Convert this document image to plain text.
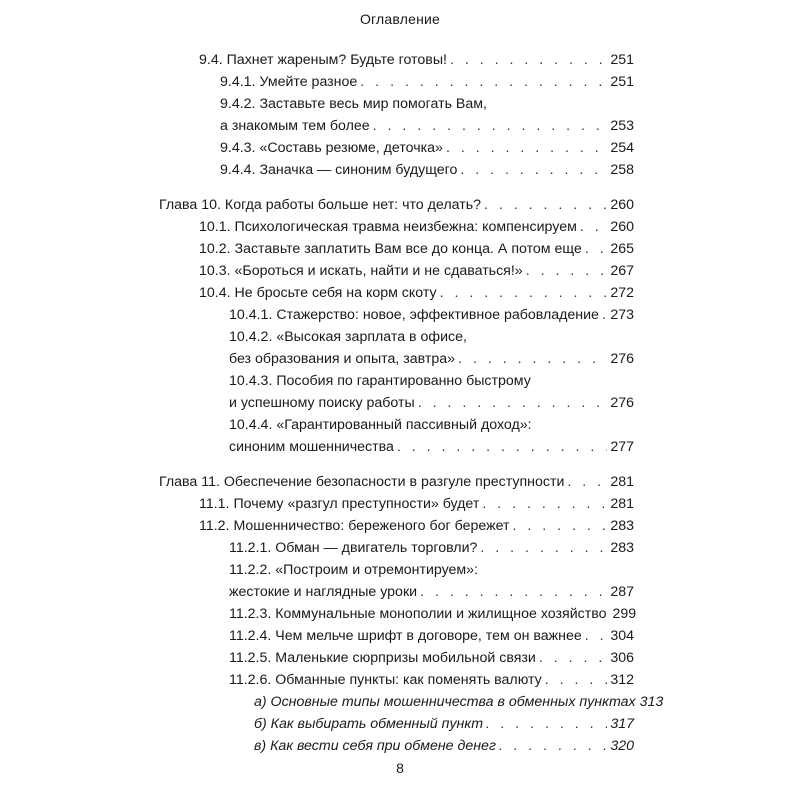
Оглавление
9.4. Пахнет жареным? Будьте готовы! . . .	251
9.4.1. Умейте разное . . .	251
9.4.2. Заставьте весь мир помогать Вам,
а знакомым тем более . . .	253
9.4.3. «Составь резюме, деточка» . . .	254
9.4.4. Заначка — синоним будущего . . .	258
Глава 10. Когда работы больше нет: что делать? . . .	260
10.1. Психологическая травма неизбежна: компенсируем . . . 260
10.2. Заставьте заплатить Вам все до конца. А потом еще . . . 265
10.3. «Бороться и искать, найти и не сдаваться!» . . .	267
10.4. Не бросьте себя на корм скоту . . .	272
10.4.1. Стажерство: новое, эффективное рабовладение . . . 273
10.4.2. «Высокая зарплата в офисе,
без образования и опыта, завтра» . . .	276
10.4.3. Пособия по гарантированно быстрому
и успешному поиску работы . . .	276
10.4.4. «Гарантированный пассивный доход»:
синоним мошенничества . . .	277
Глава 11. Обеспечение безопасности в разгуле преступности . . .	281
11.1. Почему «разгул преступности» будет . . .	281
11.2. Мошенничество: береженого бог бережет . . .	283
11.2.1. Обман — двигатель торговли? . . .	283
11.2.2. «Построим и отремонтируем»:
жестокие и наглядные уроки . . .	287
11.2.3. Коммунальные монополии и жилищное хозяйство 299
11.2.4. Чем мельче шрифт в договоре, тем он важнее . . . 304
11.2.5. Маленькие сюрпризы мобильной связи . . .	306
11.2.6. Обманные пункты: как поменять валюту . . .	312
а) Основные типы мошенничества в обменных пунктах 313
б) Как выбирать обменный пункт . . .	317
в) Как вести себя при обмене денег . . .	320
8
